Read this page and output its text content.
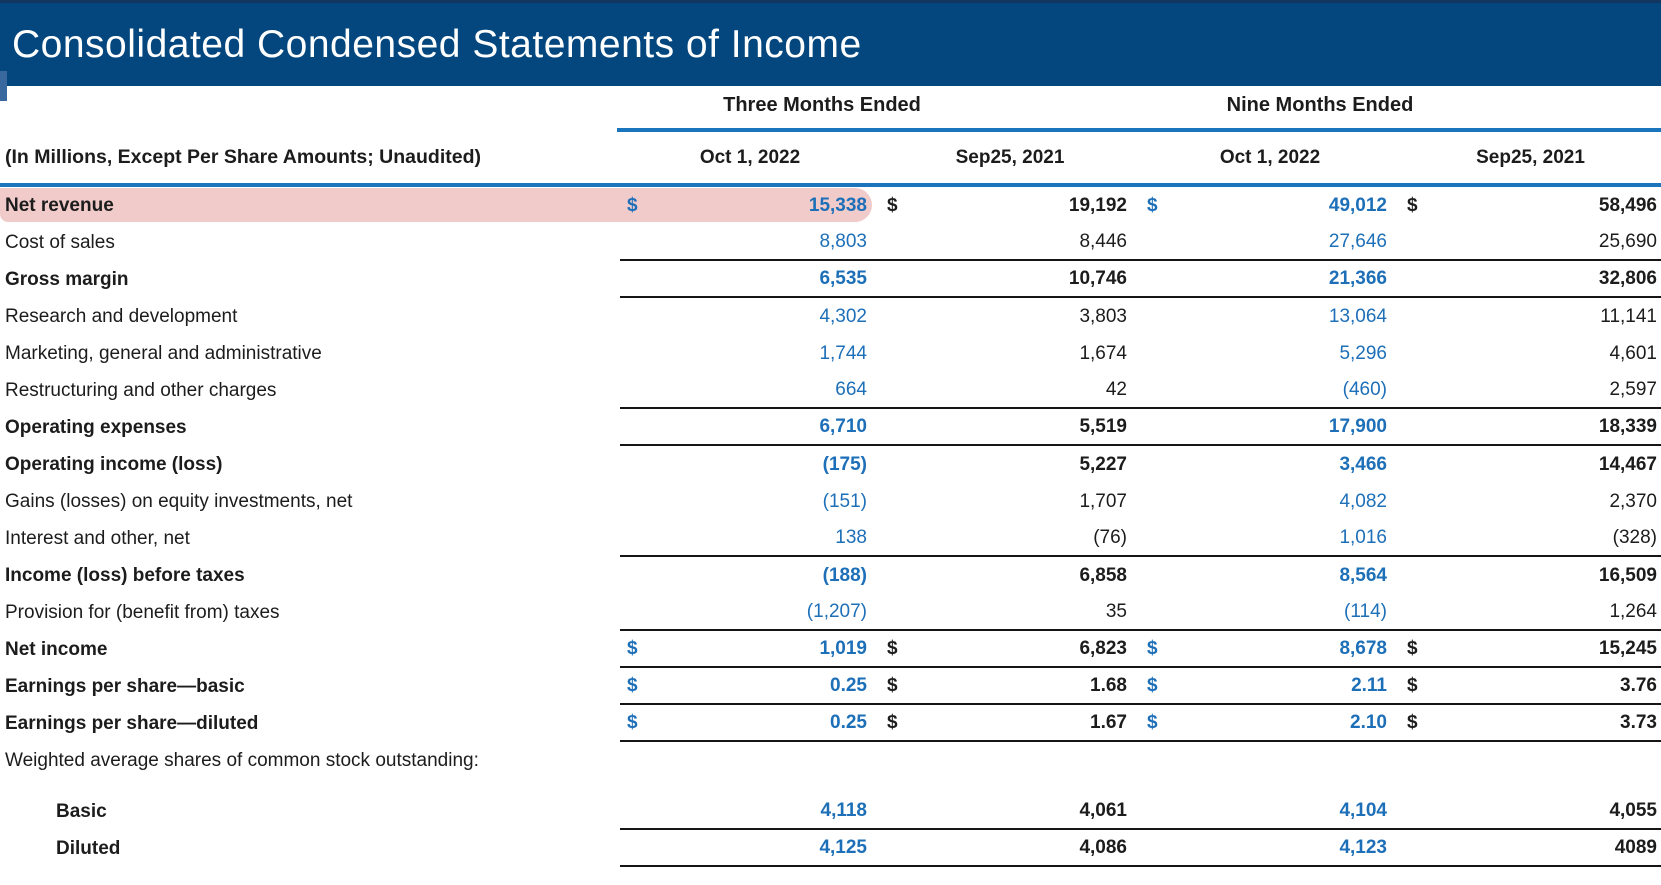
Consolidated Condensed Statements of Income
Three Months Ended	Nine Months Ended
(In Millions, Except Per Share Amounts; Unaudited)	Oct 1, 2022	Sep25, 2021	Oct 1, 2022	Sep25, 2021
Net revenue	$	15,338 $	19,192 $	49,012 $	58,496
Cost of sales	8,803	8,446	27,646	25,690
Gross margin	6,535	10,746	21,366	32,806
Research and development	4,302	3,803	13,064	11,141
Marketing, general and administrative	1,744	1,674	5,296	4,601
Restructuring and other charges	664	42	(460)	2,597
Operating expenses	6,710	5,519	17,900	18,339
Operating income (loss)	(175)	5,227	3,466	14,467
Gains (losses) on equity investments, net	(151)	1,707	4,082	2,370
Interest and other, net	138	(76)	1,016	(328)
Income (loss) before taxes	(188)	6,858	8,564	16,509
Provision for (benefit from) taxes	(1,207)	35	(114)	1,264
Net income	$	1,019 $	6,823 $	8,678 $	15,245
Earnings per share—basic	$	0.25 $	1.68 $	2.11 $	3.76
Earnings per share—diluted	$	0.25 $	1.67 $	2.10 $	3.73
Weighted average shares of common stock outstanding:
Basic	4,118	4,061	4,104	4,055
Diluted	4,125	4,086	4,123	4089
